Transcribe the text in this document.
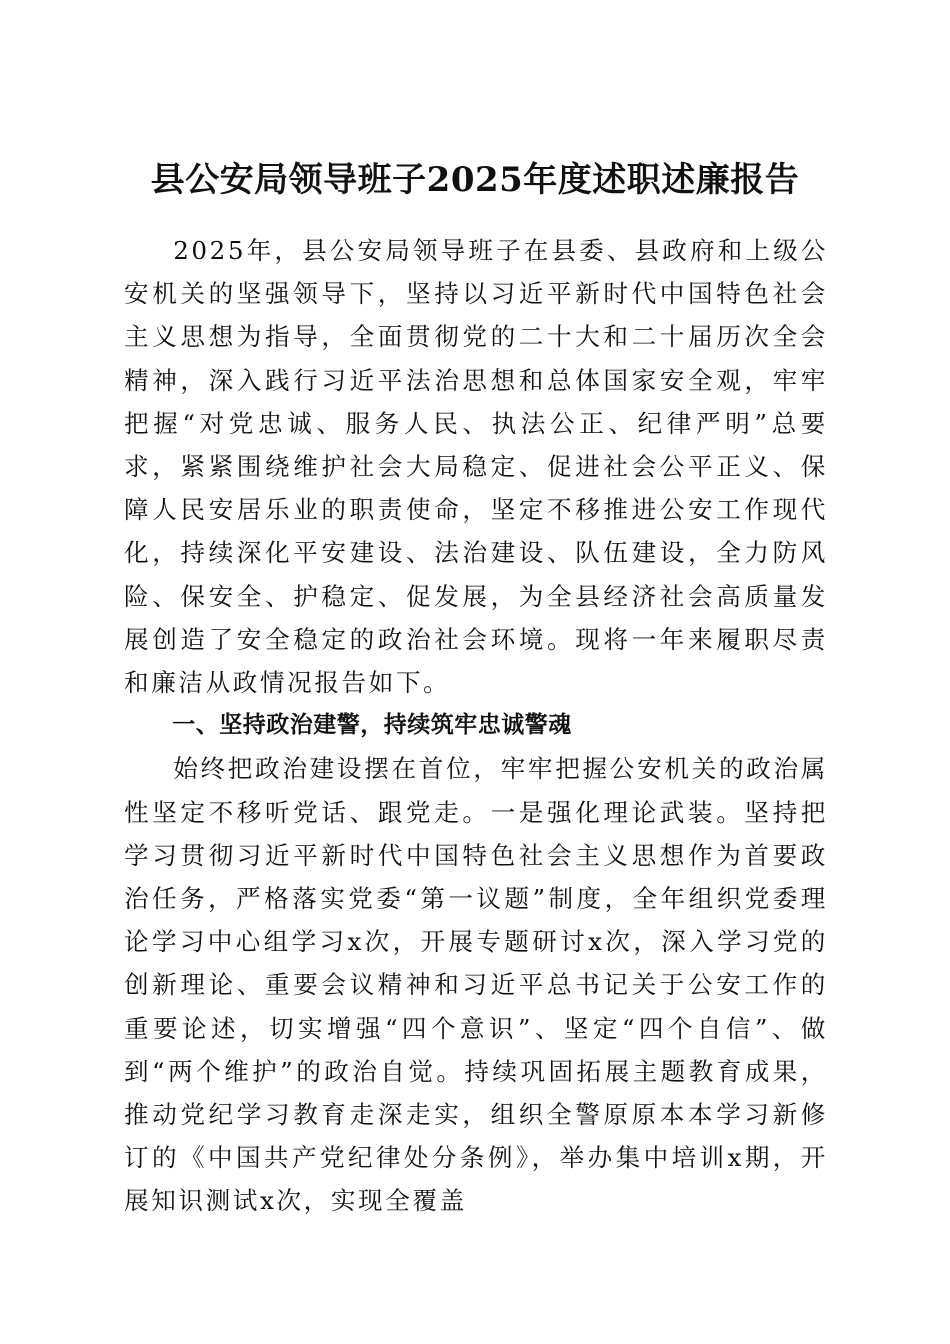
县公安局领导班子2025年度述职述廉报告

2025年，县公安局领导班子在县委、县政府和上级公安机关的坚强领导下，坚持以习近平新时代中国特色社会主义思想为指导，全面贯彻党的二十大和二十届历次全会精神，深入践行习近平法治思想和总体国家安全观，牢牢把握“对党忠诚、服务人民、执法公正、纪律严明”总要求，紧紧围绕维护社会大局稳定、促进社会公平正义、保障人民安居乐业的职责使命，坚定不移推进公安工作现代化，持续深化平安建设、法治建设、队伍建设，全力防风险、保安全、护稳定、促发展，为全县经济社会高质量发展创造了安全稳定的政治社会环境。现将一年来履职尽责和廉洁从政情况报告如下。

一、坚持政治建警，持续筑牢忠诚警魂

始终把政治建设摆在首位，牢牢把握公安机关的政治属性坚定不移听党话、跟党走。一是强化理论武装。坚持把学习贯彻习近平新时代中国特色社会主义思想作为首要政治任务，严格落实党委“第一议题”制度，全年组织党委理论学习中心组学习x次，开展专题研讨x次，深入学习党的创新理论、重要会议精神和习近平总书记关于公安工作的重要论述，切实增强“四个意识”、坚定“四个自信”、做到“两个维护”的政治自觉。持续巩固拓展主题教育成果，推动党纪学习教育走深走实，组织全警原原本本学习新修订的《中国共产党纪律处分条例》，举办集中培训x期，开展知识测试x次，实现全覆盖
